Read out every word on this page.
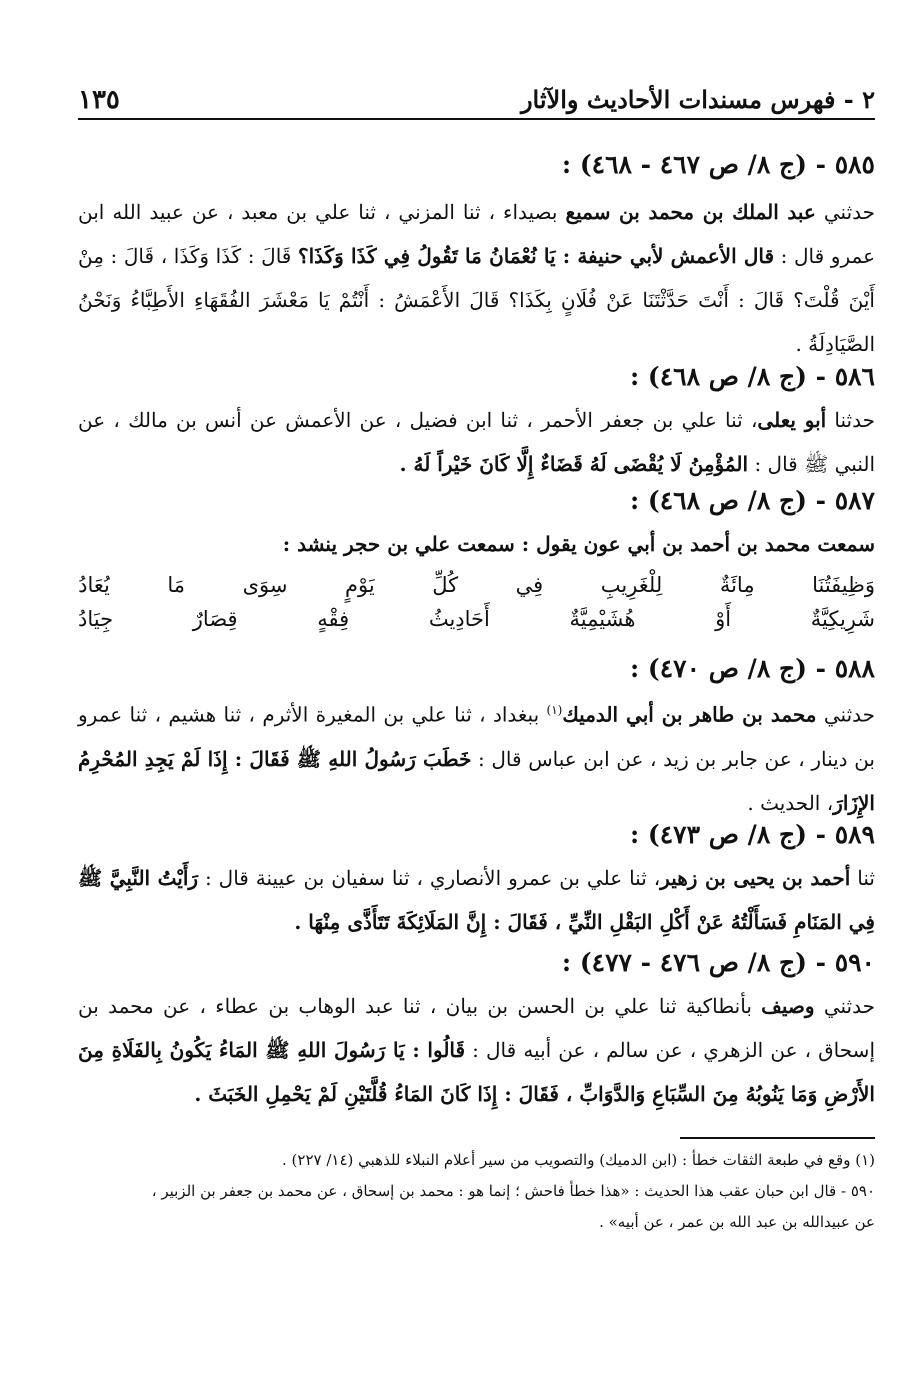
٢ - فهرس مسندات الأحاديث والآثار
١٣٥
٥٨٥ - (ج ٨/ ص ٤٦٧ - ٤٦٨) :
حدثني عبد الملك بن محمد بن سميع بصيداء ، ثنا المزني ، ثنا علي بن معبد ، عن عبيد الله ابن عمرو قال : قال الأعمش لأبي حنيفة : يَا نُعْمَانُ مَا تَقُولُ فِي كَذَا وَكَذَا؟ قَالَ : كَذَا وَكَذَا ، قَالَ : مِنْ أَيْنَ قُلْتَ؟ قَالَ : أَنْتَ حَدَّثْتَنَا عَنْ فُلَانٍ بِكَذَا؟ قَالَ الأَعْمَشُ : أَنْتُمْ يَا مَعْشَرَ الفُقَهَاءِ الأَطِبَّاءُ وَنَحْنُ الصَّيَادِلَةُ .
٥٨٦ - (ج ٨/ ص ٤٦٨) :
حدثنا أبو يعلى، ثنا علي بن جعفر الأحمر ، ثنا ابن فضيل ، عن الأعمش عن أنس بن مالك ، عن النبي ﷺ قال : المُؤْمِنُ لَا يُقْضَى لَهُ قَضَاءٌ إِلَّا كَانَ خَيْراً لَهُ .
٥٨٧ - (ج ٨/ ص ٤٦٨) :
سمعت محمد بن أحمد بن أبي عون يقول : سمعت علي بن حجر ينشد :
وَظِيفَتُنَا
مِائَةٌ
لِلْغَرِيبِ
فِي
كُلِّ
يَوْمٍ
سِوَى
مَا
يُعَادُ
شَرِيكِيَّةٌ
أَوْ
هُشَيْمِيَّةٌ
أَحَادِيثُ
فِقْهٍ
قِصَارٌ
جِيَادُ
٥٨٨ - (ج ٨/ ص ٤٧٠) :
حدثني محمد بن طاهر بن أبي الدميك$^{(١)}$ ببغداد ، ثنا علي بن المغيرة الأثرم ، ثنا هشيم ، ثنا عمرو بن دينار ، عن جابر بن زيد ، عن ابن عباس قال : خَطَبَ رَسُولُ اللهِ ﷺ فَقَالَ : إِذَا لَمْ يَجِدِ المُحْرِمُ الإِزَارَ، الحديث .
٥٨٩ - (ج ٨/ ص ٤٧٣) :
ثنا أحمد بن يحيى بن زهير، ثنا علي بن عمرو الأنصاري ، ثنا سفيان بن عيينة قال : رَأَيْتُ النَّبِيَّ ﷺ فِي المَنَامِ فَسَأَلْتُهُ عَنْ أَكْلِ البَقْلِ النِّيِّ ، فَقَالَ : إِنَّ المَلَائِكَةَ تَتَأَذَّى مِنْهَا .
٥٩٠ - (ج ٨/ ص ٤٧٦ - ٤٧٧) :
حدثني وصيف بأنطاكية ثنا علي بن الحسن بن بيان ، ثنا عبد الوهاب بن عطاء ، عن محمد بن إسحاق ، عن الزهري ، عن سالم ، عن أبيه قال : قَالُوا : يَا رَسُولَ اللهِ ﷺ المَاءُ يَكُونُ بِالفَلَاةِ مِنَ الأَرْضِ وَمَا يَنُوبُهُ مِنَ السِّبَاعِ وَالدَّوَابِّ ، فَقَالَ : إِذَا كَانَ المَاءُ قُلَّتَيْنِ لَمْ يَحْمِلِ الخَبَثَ .
(١) وقع في طبعة الثقات خطأ : (ابن الدميك) والتصويب من سير أعلام النبلاء للذهبي (١٤/ ٢٢٧) .
٥٩٠ - قال ابن حبان عقب هذا الحديث : «هذا خطأ فاحش ؛ إنما هو : محمد بن إسحاق ، عن محمد بن جعفر بن الزبير ،
عن عبيدالله بن عبد الله بن عمر ، عن أبيه» .
